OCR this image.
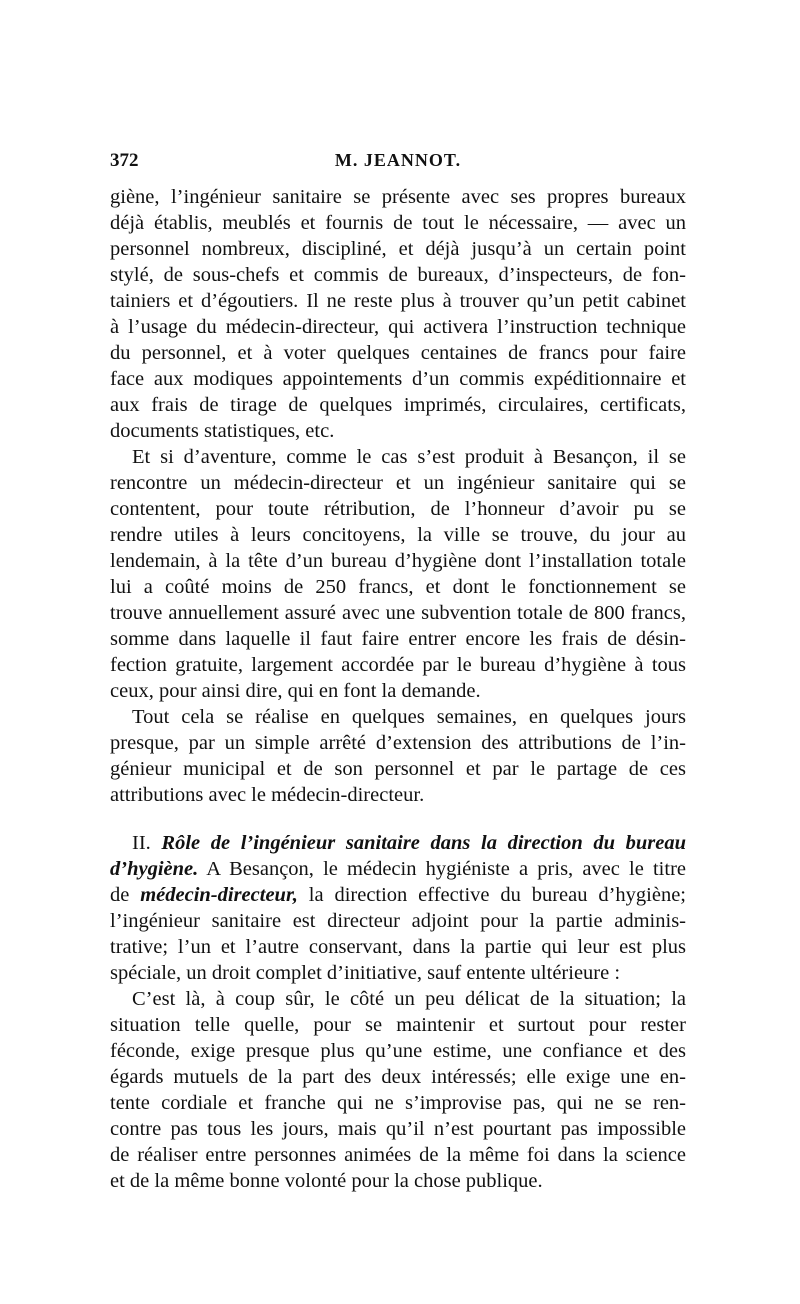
372	M. JEANNOT.
giène, l’ingénieur sanitaire se présente avec ses propres bureaux
déjà établis, meublés et fournis de tout le nécessaire, — avec un
personnel nombreux, discipliné, et déjà jusqu’à un certain point
stylé, de sous-chefs et commis de bureaux, d’inspecteurs, de fon-
tainiers et d’égoutiers. Il ne reste plus à trouver qu’un petit cabinet
à l’usage du médecin-directeur, qui activera l’instruction technique
du personnel, et à voter quelques centaines de francs pour faire
face aux modiques appointements d’un commis expéditionnaire et
aux frais de tirage de quelques imprimés, circulaires, certificats,
documents statistiques, etc.
Et si d’aventure, comme le cas s’est produit à Besançon, il se
rencontre un médecin-directeur et un ingénieur sanitaire qui se
contentent, pour toute rétribution, de l’honneur d’avoir pu se
rendre utiles à leurs concitoyens, la ville se trouve, du jour au
lendemain, à la tête d’un bureau d’hygiène dont l’installation totale
lui a coûté moins de 250 francs, et dont le fonctionnement se
trouve annuellement assuré avec une subvention totale de 800 francs,
somme dans laquelle il faut faire entrer encore les frais de désin-
fection gratuite, largement accordée par le bureau d’hygiène à tous
ceux, pour ainsi dire, qui en font la demande.
Tout cela se réalise en quelques semaines, en quelques jours
presque, par un simple arrêté d’extension des attributions de l’in-
génieur municipal et de son personnel et par le partage de ces
attributions avec le médecin-directeur.
II. Rôle de l’ingénieur sanitaire dans la direction du bureau
d’hygiène. A Besançon, le médecin hygiéniste a pris, avec le titre
de médecin-directeur, la direction effective du bureau d’hygiène;
l’ingénieur sanitaire est directeur adjoint pour la partie adminis-
trative; l’un et l’autre conservant, dans la partie qui leur est plus
spéciale, un droit complet d’initiative, sauf entente ultérieure :
C’est là, à coup sûr, le côté un peu délicat de la situation; la
situation telle quelle, pour se maintenir et surtout pour rester
féconde, exige presque plus qu’une estime, une confiance et des
égards mutuels de la part des deux intéressés; elle exige une en-
tente cordiale et franche qui ne s’improvise pas, qui ne se ren-
contre pas tous les jours, mais qu’il n’est pourtant pas impossible
de réaliser entre personnes animées de la même foi dans la science
et de la même bonne volonté pour la chose publique.
